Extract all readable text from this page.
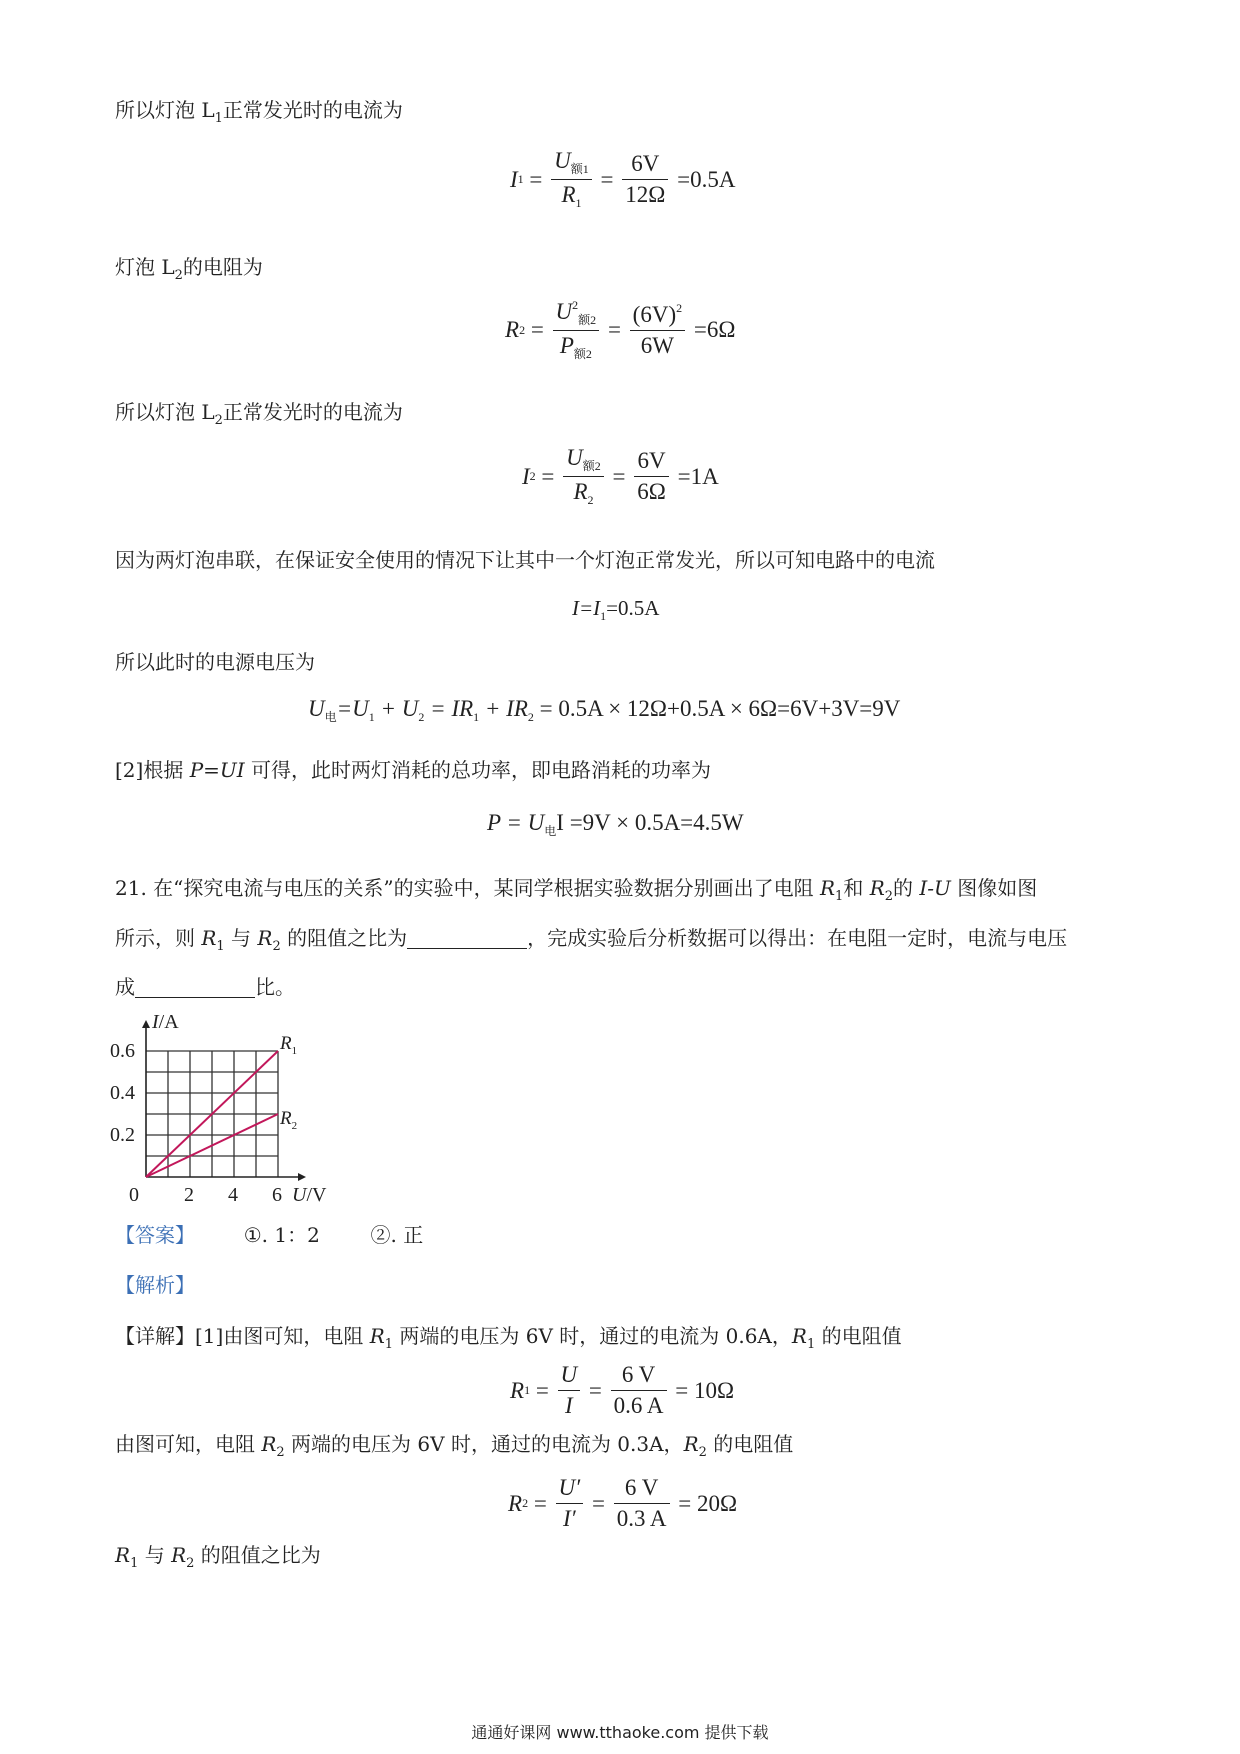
所以灯泡 $L_1$正常发光时的电流为
$I1 = \frac{U_{额1}}{R_1} = \frac{6V}{12\Omega} =0.5A$
灯泡 $L_2$的电阻为
$R2 = \frac{U^2_{额2}}{P_{额2}} = \frac{(6V)^2}{6W} =6\Omega$
所以灯泡 $L_2$正常发光时的电流为
$I2 = \frac{U_{额2}}{R_2} = \frac{6V}{6\Omega} =1A$
因为两灯泡串联，在保证安全使用的情况下让其中一个灯泡正常发光，所以可知电路中的电流
$I=I_1=0.5A$
所以此时的电源电压为
$U_电=U_1 + U_2 = IR_1 + IR_2 = 0.5A \times 12\Omega+0.5A \times 6\Omega=6V+3V=9V$
[2]根据 P=UI 可得，此时两灯消耗的总功率，即电路消耗的功率为
$P = U_电I =9V \times 0.5A=4.5W$
21. 在“探究电流与电压的关系”的实验中，某同学根据实验数据分别画出了电阻 $R_1$和 $R_2$的 I-U 图像如图
所示，则 $R_1$ 与 $R_2$ 的阻值之比为	，完成实验后分析数据可以得出：在电阻一定时，电流与电压
成	比。
I/A
U/V
0 2 4 6
0.2
0.4
0.6	$R_1$
$R_2$
【答案】 ①. 1：2	②. 正
【解析】
【详解】[1]由图可知，电阻 $R_1$ 两端的电压为 6V 时，通过的电流为 0.6A，$R_1$ 的电阻值
$R1 = \frac{U}{I} = \frac{6 V}{0.6 A} = 10\Omega$
由图可知，电阻 $R_2$ 两端的电压为 6V 时，通过的电流为 0.3A，$R_2$ 的电阻值
$R2 = \frac{U'}{I'} = \frac{6 V}{0.3 A} = 20\Omega$
$R_1$ 与 $R_2$ 的阻值之比为
通通好课网 www.tthaoke.com 提供下载
